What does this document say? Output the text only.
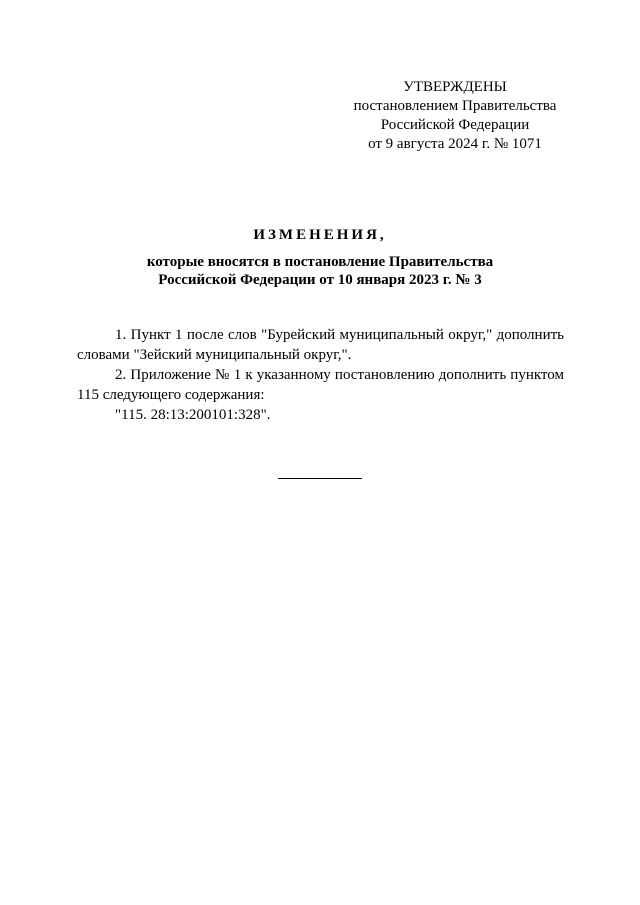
УТВЕРЖДЕНЫ
постановлением Правительства
Российской Федерации
от 9 августа 2024 г. № 1071
ИЗМЕНЕНИЯ,
которые вносятся в постановление Правительства
Российской Федерации от 10 января 2023 г. № 3

1. Пункт 1 после слов "Бурейский муниципальный округ," дополнить словами "Зейский муниципальный округ,".

2. Приложение № 1 к указанному постановлению дополнить пунктом 115 следующего содержания:

"115. 28:13:200101:328".
